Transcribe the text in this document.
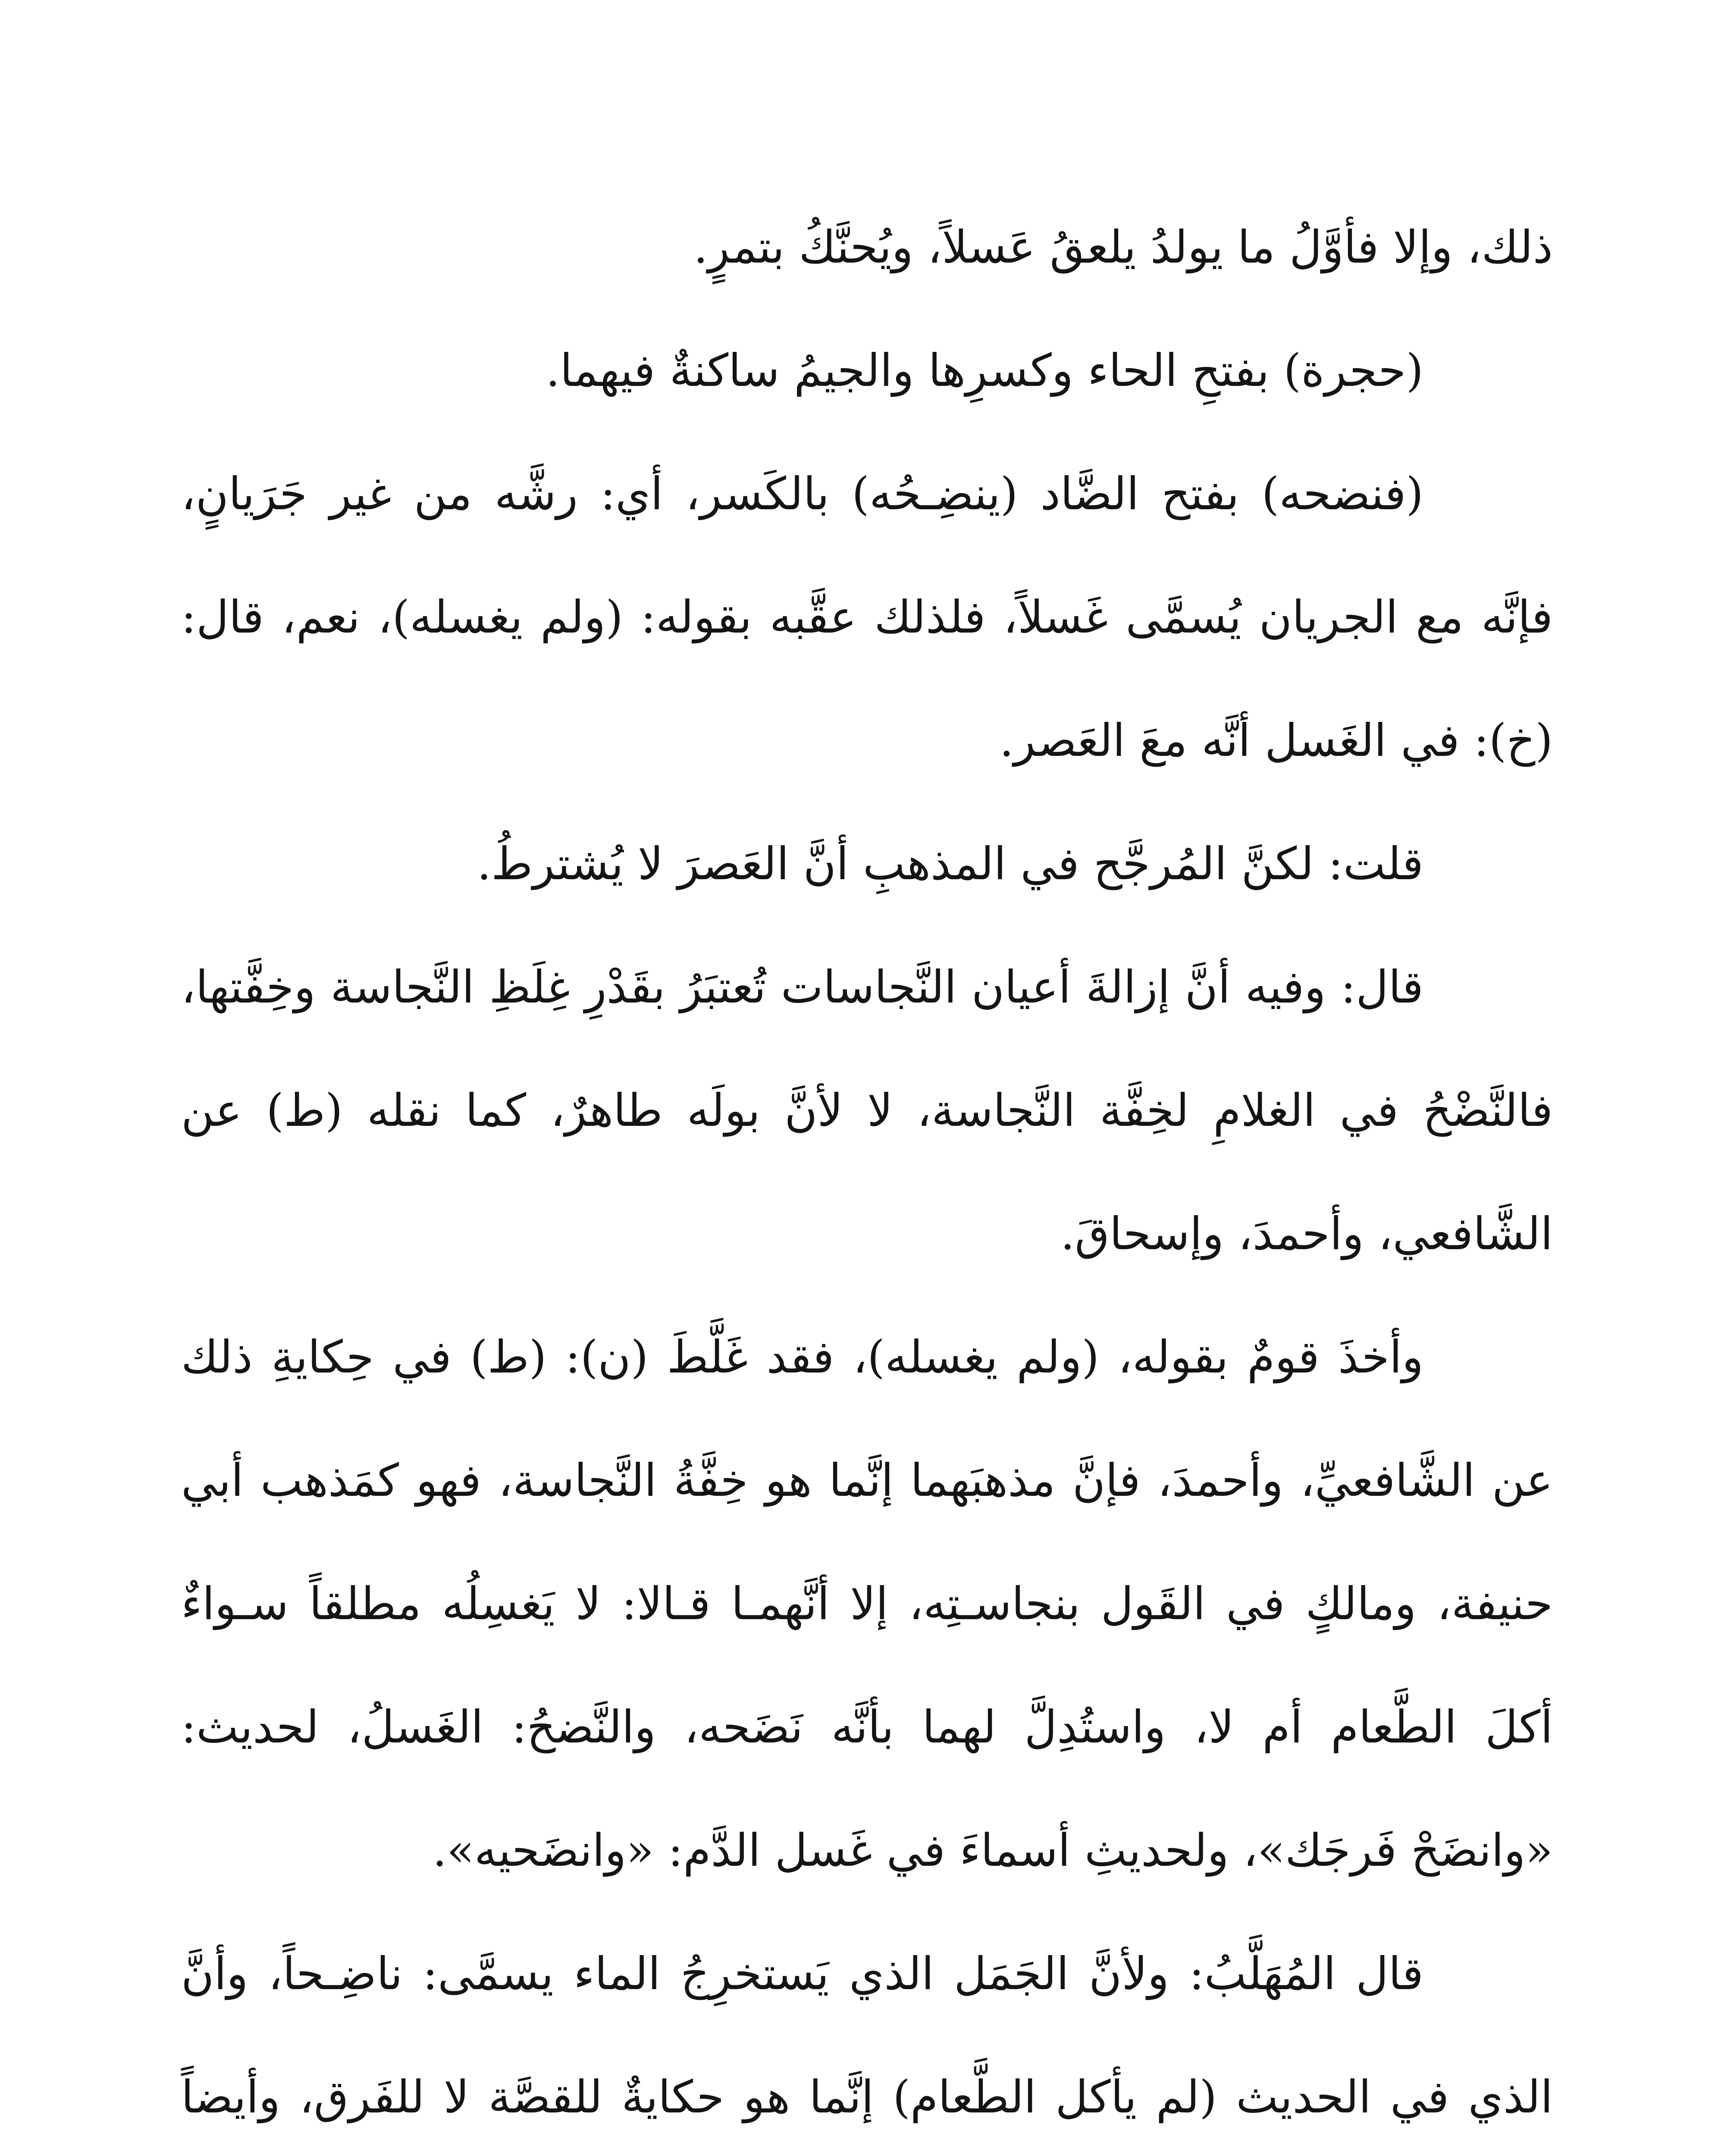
ذلك، وإلا فأوَّلُ ما يولدُ يلعقُ عَسلاً، ويُحنَّكُ بتمرٍ.

(حجرة) بفتحِ الحاء وكسرِها والجيمُ ساكنةٌ فيهما.

(فنضحه) بفتح الضَّاد (ينضِـحُه) بالكَسر، أي: رشَّه من غير جَرَيانٍ، فإنَّه مع الجريان يُسمَّى غَسلاً، فلذلك عقَّبه بقوله: (ولم يغسله)، نعم، قال: (خ): في الغَسل أنَّه معَ العَصر.

قلت: لكنَّ المُرجَّح في المذهبِ أنَّ العَصرَ لا يُشترطُ.

قال: وفيه أنَّ إزالةَ أعيان النَّجاسات تُعتبَرُ بقَدْرِ غِلَظِ النَّجاسة وخِفَّتها، فالنَّضْحُ في الغلامِ لخِفَّة النَّجاسة، لا لأنَّ بولَه طاهرٌ، كما نقله (ط) عن الشَّافعي، وأحمدَ، وإسحاقَ.

وأخذَ قومٌ بقوله، (ولم يغسله)، فقد غَلَّطَ (ن): (ط) في حِكايةِ ذلك عن الشَّافعيِّ، وأحمدَ، فإنَّ مذهبَهما إنَّما هو خِفَّةُ النَّجاسة، فهو كمَذهب أبي حنيفة، ومالكٍ في القَول بنجاسـتِه، إلا أنَّهمـا قـالا: لا يَغسِلُه مطلقاً سـواءٌ أكلَ الطَّعام أم لا، واستُدِلَّ لهما بأنَّه نَضَحه، والنَّضحُ: الغَسلُ، لحديث: «وانضَحْ فَرجَك»، ولحديثِ أسماءَ في غَسل الدَّم: «وانضَحيه».

قال المُهَلَّبُ: ولأنَّ الجَمَل الذي يَستخرِجُ الماء يسمَّى: ناضِـحاً، وأنَّ الذي في الحديث (لم يأكل الطَّعام) إنَّما هو حكايةٌ للقصَّة لا للفَرق، وأيضاً
